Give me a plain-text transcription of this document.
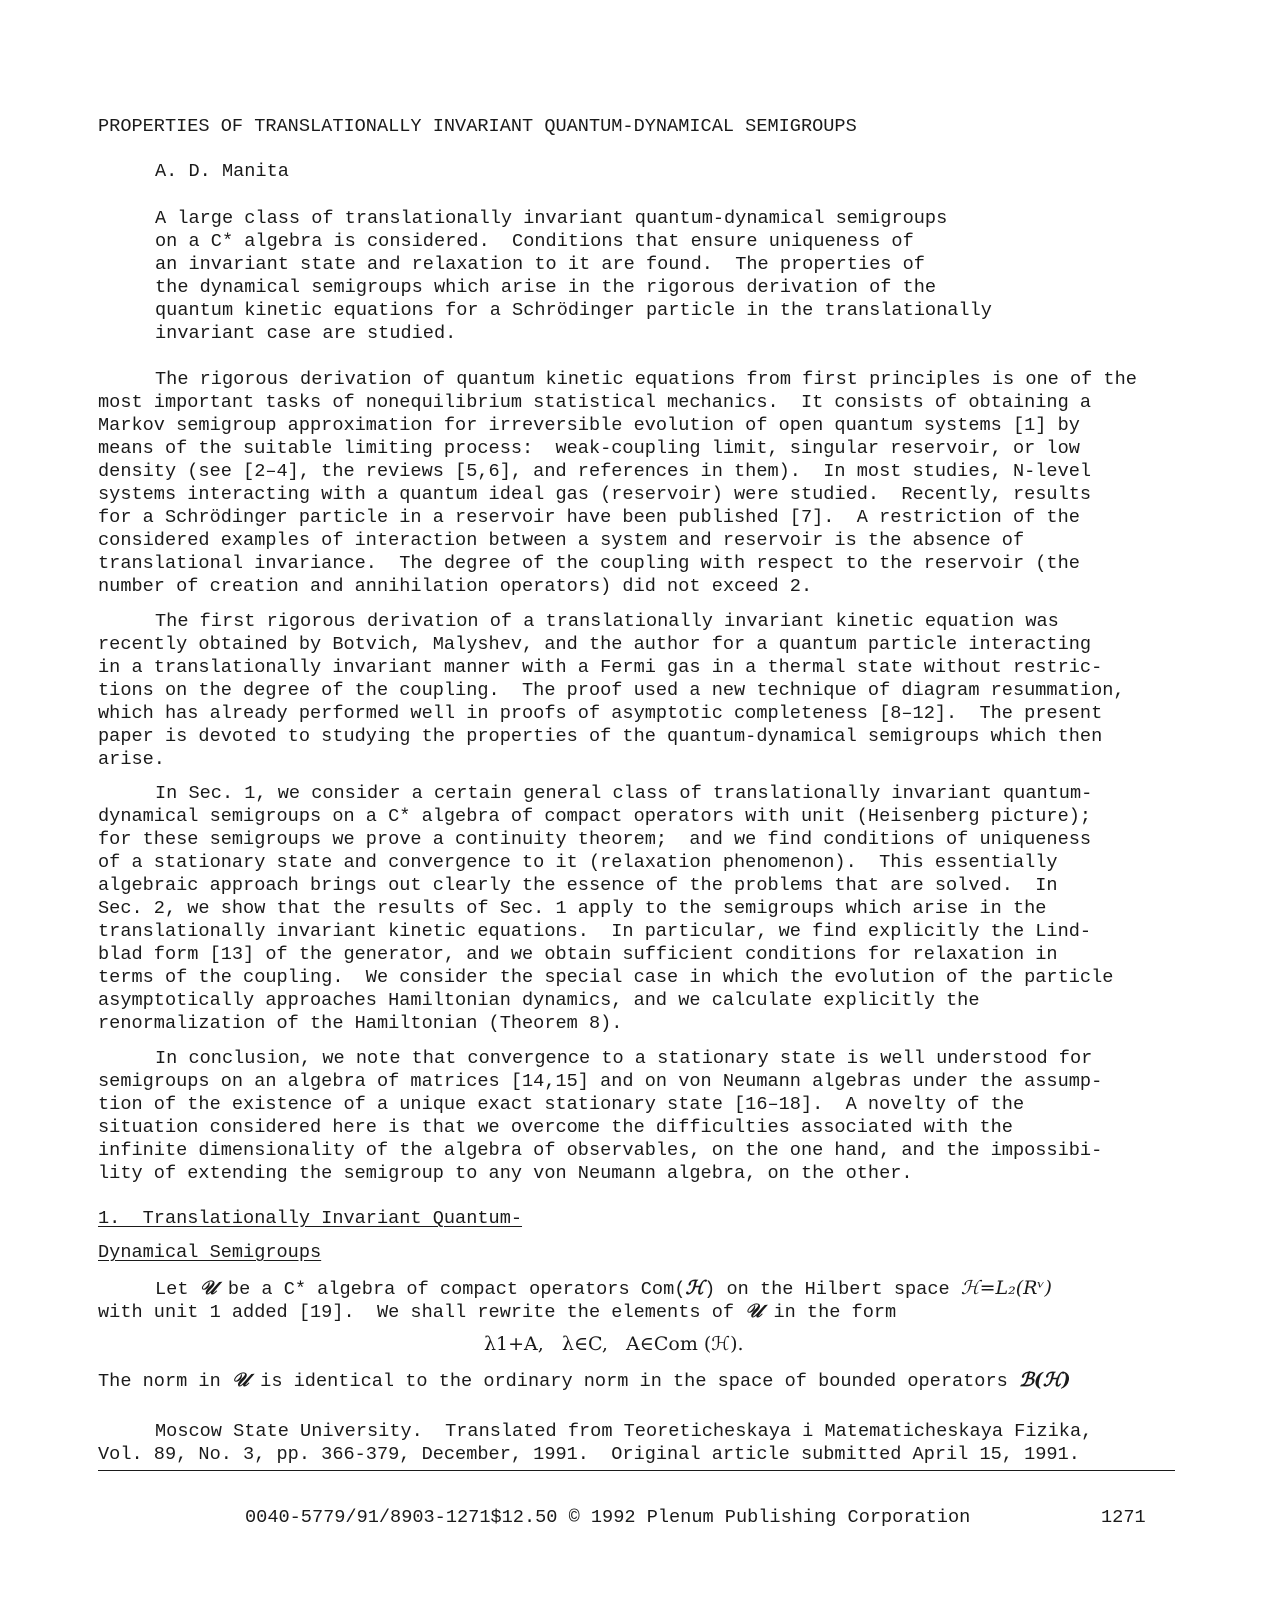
PROPERTIES OF TRANSLATIONALLY INVARIANT QUANTUM-DYNAMICAL SEMIGROUPS
A. D. Manita
A large class of translationally invariant quantum-dynamical semigroups
on a C* algebra is considered.  Conditions that ensure uniqueness of
an invariant state and relaxation to it are found.  The properties of
the dynamical semigroups which arise in the rigorous derivation of the
quantum kinetic equations for a Schrödinger particle in the translationally
invariant case are studied.
The rigorous derivation of quantum kinetic equations from first principles is one of the
most important tasks of nonequilibrium statistical mechanics.  It consists of obtaining a
Markov semigroup approximation for irreversible evolution of open quantum systems [1] by
means of the suitable limiting process:  weak-coupling limit, singular reservoir, or low
density (see [2–4], the reviews [5,6], and references in them).  In most studies, N-level
systems interacting with a quantum ideal gas (reservoir) were studied.  Recently, results
for a Schrödinger particle in a reservoir have been published [7].  A restriction of the
considered examples of interaction between a system and reservoir is the absence of
translational invariance.  The degree of the coupling with respect to the reservoir (the
number of creation and annihilation operators) did not exceed 2.
The first rigorous derivation of a translationally invariant kinetic equation was
recently obtained by Botvich, Malyshev, and the author for a quantum particle interacting
in a translationally invariant manner with a Fermi gas in a thermal state without restric-
tions on the degree of the coupling.  The proof used a new technique of diagram resummation,
which has already performed well in proofs of asymptotic completeness [8–12].  The present
paper is devoted to studying the properties of the quantum-dynamical semigroups which then
arise.
In Sec. 1, we consider a certain general class of translationally invariant quantum-
dynamical semigroups on a C* algebra of compact operators with unit (Heisenberg picture);
for these semigroups we prove a continuity theorem;  and we find conditions of uniqueness
of a stationary state and convergence to it (relaxation phenomenon).  This essentially
algebraic approach brings out clearly the essence of the problems that are solved.  In
Sec. 2, we show that the results of Sec. 1 apply to the semigroups which arise in the
translationally invariant kinetic equations.  In particular, we find explicitly the Lind-
blad form [13] of the generator, and we obtain sufficient conditions for relaxation in
terms of the coupling.  We consider the special case in which the evolution of the particle
asymptotically approaches Hamiltonian dynamics, and we calculate explicitly the
renormalization of the Hamiltonian (Theorem 8).
In conclusion, we note that convergence to a stationary state is well understood for
semigroups on an algebra of matrices [14,15] and on von Neumann algebras under the assump-
tion of the existence of a unique exact stationary state [16–18].  A novelty of the
situation considered here is that we overcome the difficulties associated with the
infinite dimensionality of the algebra of observables, on the one hand, and the impossibi-
lity of extending the semigroup to any von Neumann algebra, on the other.
1.  Translationally Invariant Quantum-
Dynamical Semigroups
Let 𝒰 be a C* algebra of compact operators Com(ℋ) on the Hilbert space ℋ=L₂(Rᵛ)
with unit 1 added [19].  We shall rewrite the elements of 𝒰 in the form
λ1+A,   λ∈C,   A∈Com (ℋ).
The norm in 𝒰 is identical to the ordinary norm in the space of bounded operators ℬ(ℋ)
Moscow State University.  Translated from Teoreticheskaya i Matematicheskaya Fizika,
Vol. 89, No. 3, pp. 366-379, December, 1991.  Original article submitted April 15, 1991.
0040-5779/91/8903-1271$12.50 © 1992 Plenum Publishing Corporation	1271
